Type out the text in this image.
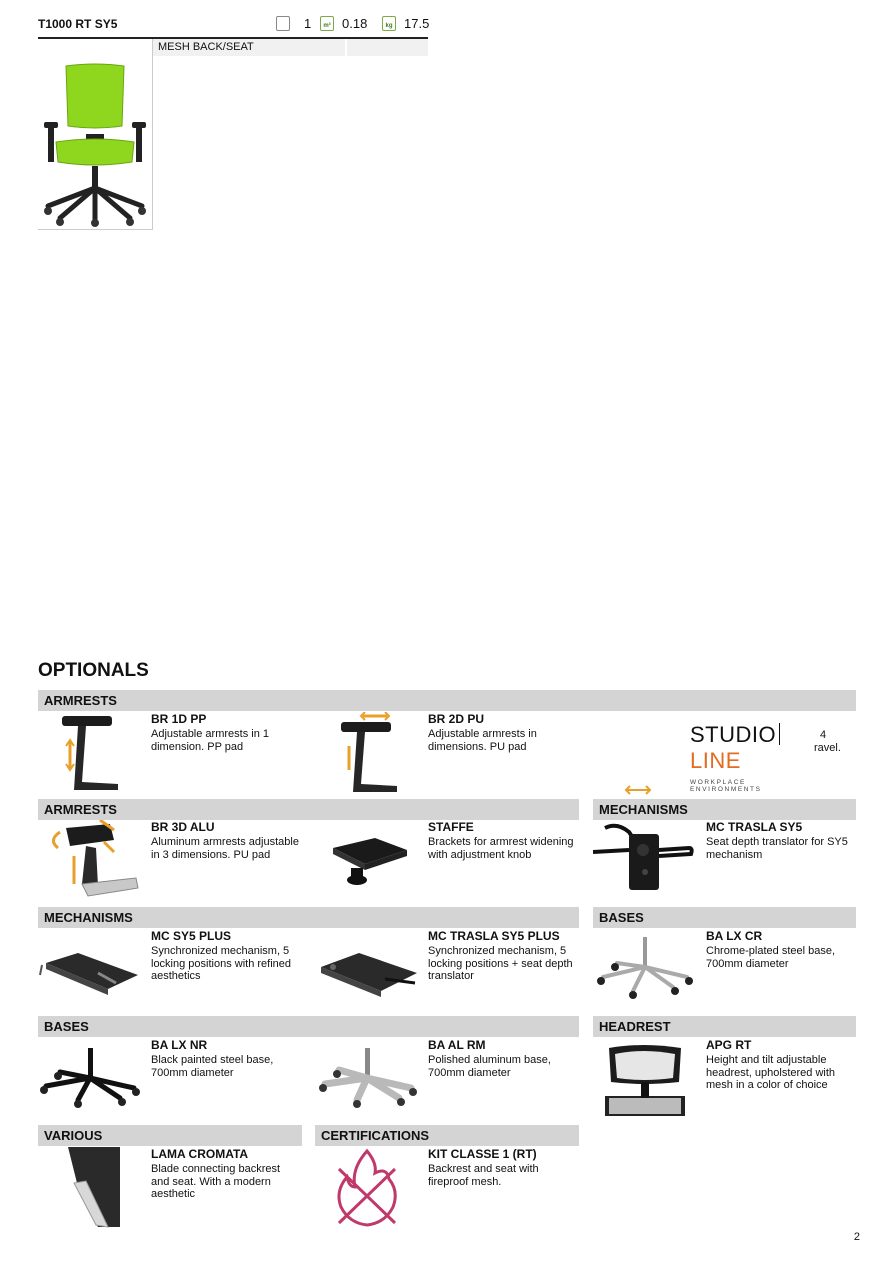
T1000 RT SY5	1	m³ 0.18	kg 17.5
MESH BACK/SEAT
OPTIONALS
ARMRESTS
ARMRESTS	MECHANISMS
MECHANISMS	BASES
BASES	HEADREST
VARIOUS	CERTIFICATIONS
BR 1D PP
Adjustable armrests in 1 dimension. PP pad
BR 2D PU
Adjustable armrests in dimensions. PU pad
4
ravel.
STUDIOLINE
WORKPLACE ENVIRONMENTS
BR 3D ALU
Aluminum armrests adjustable in 3 dimensions. PU pad
STAFFE
Brackets for armrest widening with adjustment knob
MC TRASLA SY5
Seat depth translator for SY5 mechanism
MC SY5 PLUS
Synchronized mechanism, 5 locking positions with refined aesthetics
MC TRASLA SY5 PLUS
Synchronized mechanism, 5 locking positions + seat depth translator
BA LX CR
Chrome-plated steel base, 700mm diameter
BA LX NR
Black painted steel base, 700mm diameter
BA AL RM
Polished aluminum base, 700mm diameter
APG RT
Height and tilt adjustable headrest, upholstered with mesh in a color of choice
LAMA CROMATA
Blade connecting backrest and seat. With a modern aesthetic
KIT CLASSE 1 (RT)
Backrest and seat with fireproof mesh.
2
